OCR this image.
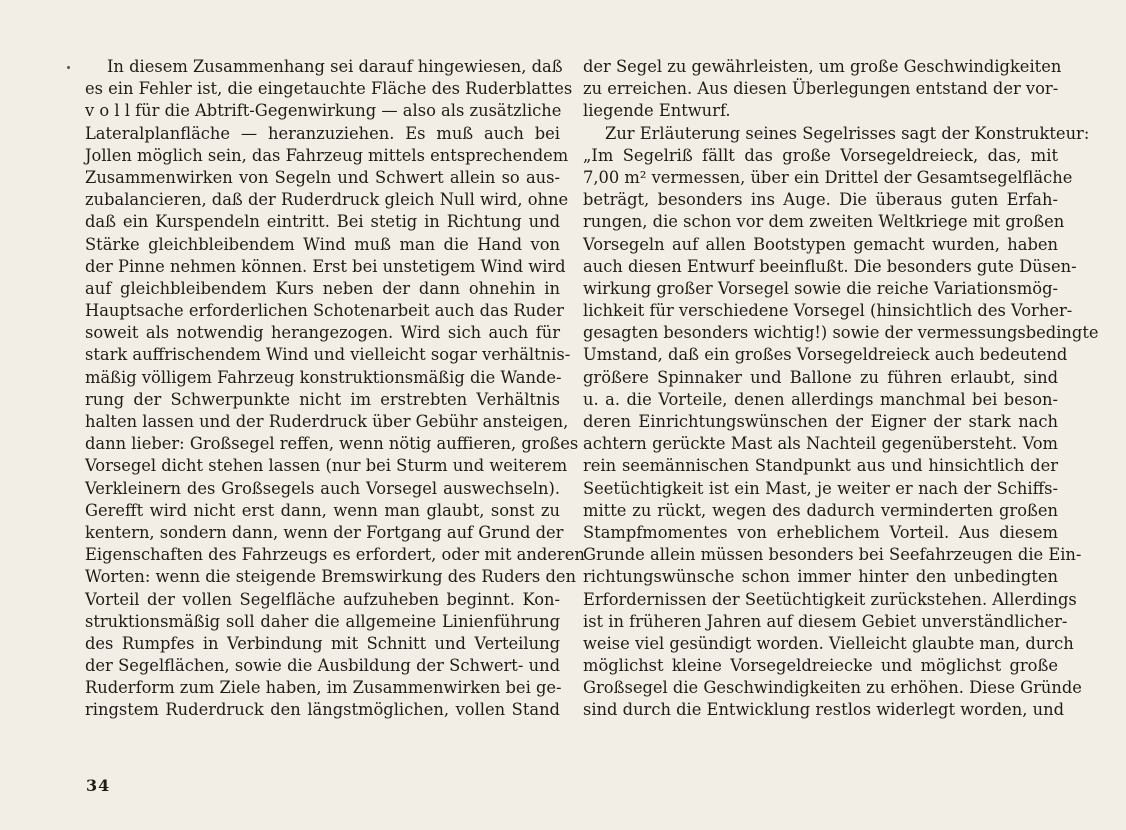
In diesem Zusammenhang sei darauf hingewiesen, daß
es ein Fehler ist, die eingetauchte Fläche des Ruderblattes
v o l l für die Abtrift-Gegenwirkung — also als zusätzliche
Lateralplanfläche — heranzuziehen. Es muß auch bei
Jollen möglich sein, das Fahrzeug mittels entsprechendem
Zusammenwirken von Segeln und Schwert allein so aus-
zubalancieren, daß der Ruderdruck gleich Null wird, ohne
daß ein Kurspendeln eintritt. Bei stetig in Richtung und
Stärke gleichbleibendem Wind muß man die Hand von
der Pinne nehmen können. Erst bei unstetigem Wind wird
auf gleichbleibendem Kurs neben der dann ohnehin in
Hauptsache erforderlichen Schotenarbeit auch das Ruder
soweit als notwendig herangezogen. Wird sich auch für
stark auffrischendem Wind und vielleicht sogar verhältnis-
mäßig völligem Fahrzeug konstruktionsmäßig die Wande-
rung der Schwerpunkte nicht im erstrebten Verhältnis
halten lassen und der Ruderdruck über Gebühr ansteigen,
dann lieber: Großsegel reffen, wenn nötig auffieren, großes
Vorsegel dicht stehen lassen (nur bei Sturm und weiterem
Verkleinern des Großsegels auch Vorsegel auswechseln).
Gerefft wird nicht erst dann, wenn man glaubt, sonst zu
kentern, sondern dann, wenn der Fortgang auf Grund der
Eigenschaften des Fahrzeugs es erfordert, oder mit anderen
Worten: wenn die steigende Bremswirkung des Ruders den
Vorteil der vollen Segelfläche aufzuheben beginnt. Kon-
struktionsmäßig soll daher die allgemeine Linienführung
des Rumpfes in Verbindung mit Schnitt und Verteilung
der Segelflächen, sowie die Ausbildung der Schwert- und
Ruderform zum Ziele haben, im Zusammenwirken bei ge-
ringstem Ruderdruck den längstmöglichen, vollen Stand
der Segel zu gewährleisten, um große Geschwindigkeiten
zu erreichen. Aus diesen Überlegungen entstand der vor-
liegende Entwurf.
Zur Erläuterung seines Segelrisses sagt der Konstrukteur:
„Im Segelriß fällt das große Vorsegeldreieck, das, mit
7,00 m² vermessen, über ein Drittel der Gesamtsegelfläche
beträgt, besonders ins Auge. Die überaus guten Erfah-
rungen, die schon vor dem zweiten Weltkriege mit großen
Vorsegeln auf allen Bootstypen gemacht wurden, haben
auch diesen Entwurf beeinflußt. Die besonders gute Düsen-
wirkung großer Vorsegel sowie die reiche Variationsmög-
lichkeit für verschiedene Vorsegel (hinsichtlich des Vorher-
gesagten besonders wichtig!) sowie der vermessungsbedingte
Umstand, daß ein großes Vorsegeldreieck auch bedeutend
größere Spinnaker und Ballone zu führen erlaubt, sind
u. a. die Vorteile, denen allerdings manchmal bei beson-
deren Einrichtungswünschen der Eigner der stark nach
achtern gerückte Mast als Nachteil gegenübersteht. Vom
rein seemännischen Standpunkt aus und hinsichtlich der
Seetüchtigkeit ist ein Mast, je weiter er nach der Schiffs-
mitte zu rückt, wegen des dadurch verminderten großen
Stampfmomentes von erheblichem Vorteil. Aus diesem
Grunde allein müssen besonders bei Seefahrzeugen die Ein-
richtungswünsche schon immer hinter den unbedingten
Erfordernissen der Seetüchtigkeit zurückstehen. Allerdings
ist in früheren Jahren auf diesem Gebiet unverständlicher-
weise viel gesündigt worden. Vielleicht glaubte man, durch
möglichst kleine Vorsegeldreiecke und möglichst große
Großsegel die Geschwindigkeiten zu erhöhen. Diese Gründe
sind durch die Entwicklung restlos widerlegt worden, und
34
